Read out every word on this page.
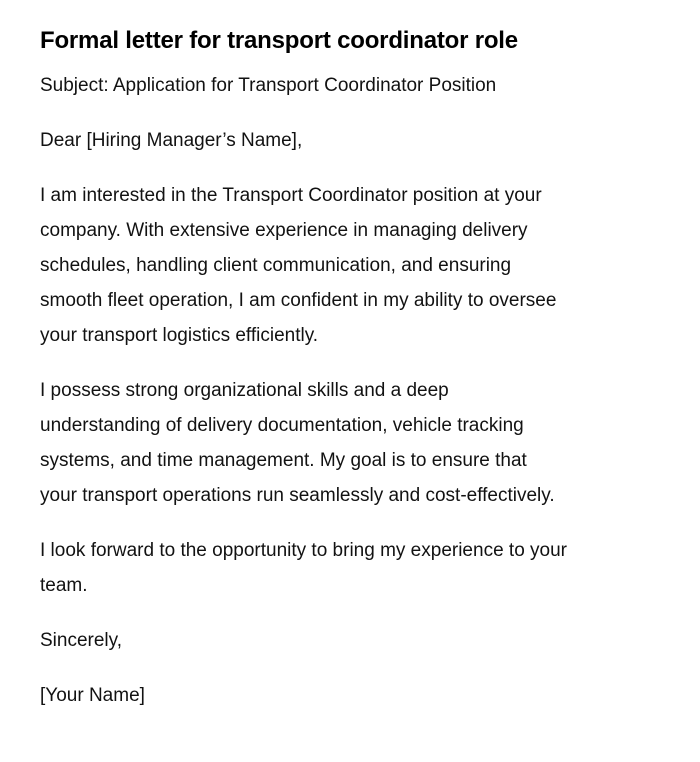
Formal letter for transport coordinator role
Subject: Application for Transport Coordinator Position
Dear [Hiring Manager’s Name],

I am interested in the Transport Coordinator position at your

company. With extensive experience in managing delivery

schedules, handling client communication, and ensuring

smooth fleet operation, I am confident in my ability to oversee

your transport logistics efficiently.

I possess strong organizational skills and a deep

understanding of delivery documentation, vehicle tracking

systems, and time management. My goal is to ensure that

your transport operations run seamlessly and cost-effectively.

I look forward to the opportunity to bring my experience to your

team.

Sincerely,
[Your Name]
